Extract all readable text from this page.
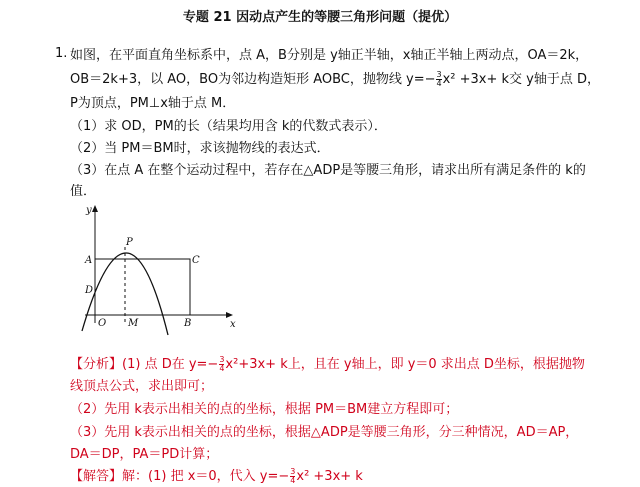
专题 21 因动点产生的等腰三角形问题（提优）
1. 如图，在平面直角坐标系中，点 A，B分别是 y轴正半轴，x轴正半轴上两动点，OA＝2k，
OB＝2k+3，以 AO，BO为邻边构造矩形 AOBC，抛物线 $y=- \frac{3}{4} x^2 +3x+ k$交 y轴于点 D，
P为顶点，PM⊥x轴于点 M．
（1）求 OD，PM的长（结果均用含 k的代数式表示）．
（2）当 PM＝BM时，求该抛物线的表达式．
（3）在点 A 在整个运动过程中，若存在△ADP是等腰三角形，请求出所有满足条件的 k的
值．
y
P
A	C
D
O M	B	x
【分析】(1) 点 D在 $y=- \frac{3}{4} x^2+3x+ k$上，且在 y轴上，即 y＝0 求出点 D坐标，根据抛物
线顶点公式，求出即可；
（2）先用 k表示出相关的点的坐标，根据 PM＝BM建立方程即可；
（3）先用 k表示出相关的点的坐标，根据△ADP是等腰三角形，分三种情况，AD＝AP，
DA＝DP，PA＝PD计算；
【解答】解：(1) 把 x＝0，代入 $y=- \frac{3}{4} x^2 +3x+ k$
